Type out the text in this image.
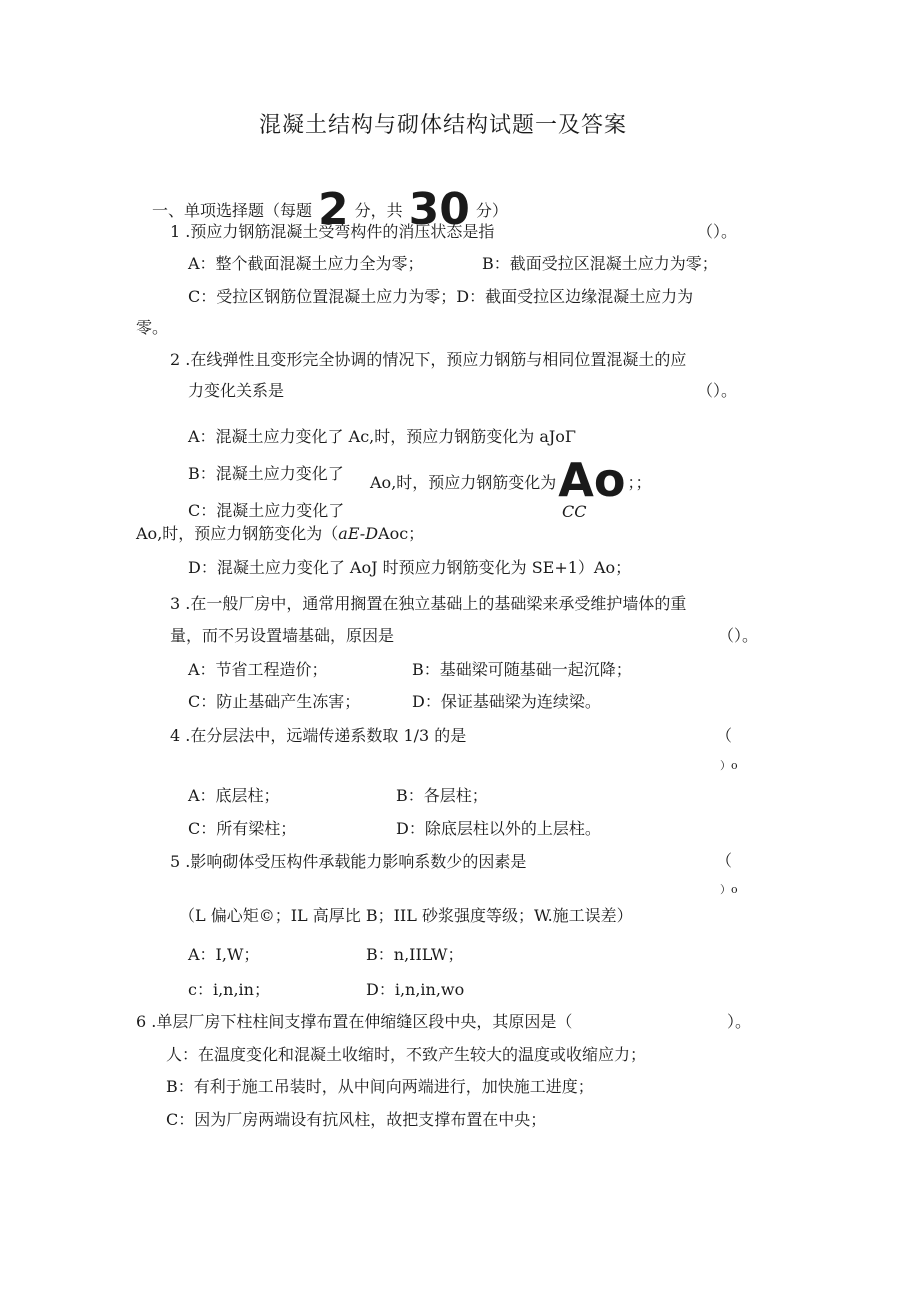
混凝土结构与砌体结构试题一及答案
一、单项选择题（每题 2 分，共 30 分）
1 .预应力钢筋混凝土受弯构件的消压状态是指	（）。
A：整个截面混凝土应力全为零；	B：截面受拉区混凝土应力为零；
C：受拉区钢筋位置混凝土应力为零；D：截面受拉区边缘混凝土应力为
零。
2 .在线弹性且变形完全协调的情况下，预应力钢筋与相同位置混凝土的应
力变化关系是	（）。
A：混凝土应力变化了 Ac,时，预应力钢筋变化为 aJoΓ
B：混凝土应力变化了 Ao,时，预应力钢筋变化为Ao ；；
C：混凝土应力变化了	CC
Ao,时，预应力钢筋变化为（aE-DAoc；
D：混凝土应力变化了 AoJ 时预应力钢筋变化为 SE+1）Ao；
3 .在一般厂房中，通常用搁置在独立基础上的基础梁来承受维护墙体的重
量，而不另设置墙基础，原因是	（）。
A：节省工程造价；	B：基础梁可随基础一起沉降；
C：防止基础产生冻害；	D：保证基础梁为连续梁。
4 .在分层法中，远端传递系数取 1/3 的是	（
）o
A：底层柱；	B：各层柱；
C：所有梁柱；	D：除底层柱以外的上层柱。
5 .影响砌体受压构件承载能力影响系数少的因素是	（
）o
（L 偏心矩©；IL 高厚比 B；IIL 砂浆强度等级；W.施工误差）
A：I,W；	B：n,IILW；
c：i,n,in；	D：i,n,in,wo
6 .单层厂房下柱柱间支撑布置在伸缩缝区段中央，其原因是（	）。
人：在温度变化和混凝土收缩时，不致产生较大的温度或收缩应力；
B：有利于施工吊装时，从中间向两端进行，加快施工进度；
C：因为厂房两端设有抗风柱，故把支撑布置在中央；
